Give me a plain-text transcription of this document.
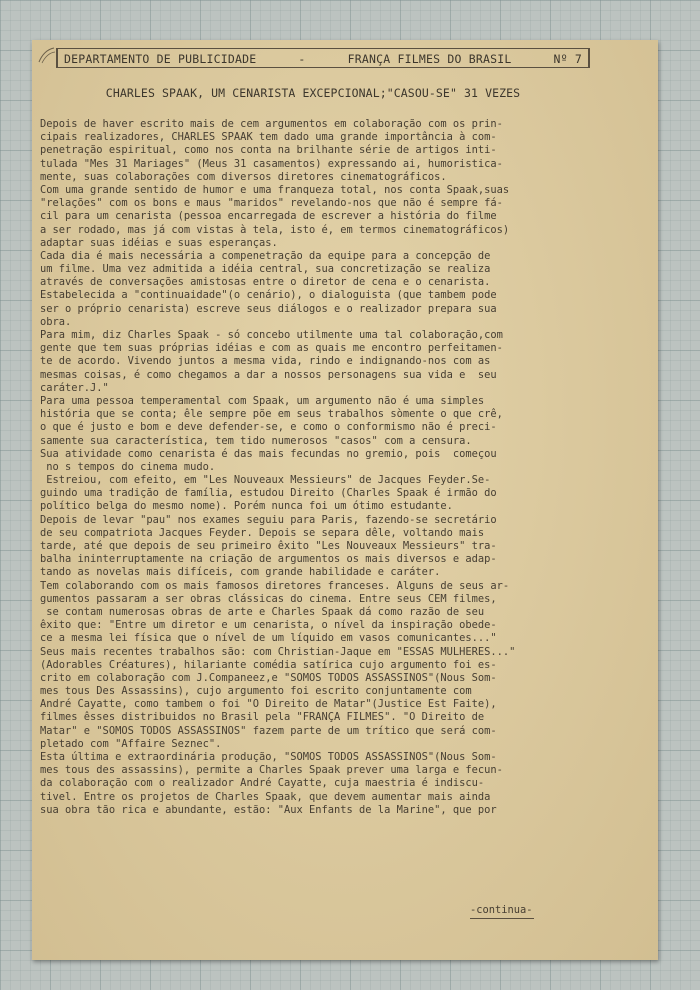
DEPARTAMENTO DE PUBLICIDADE	-	FRANÇA FILMES DO BRASIL	Nº 7
CHARLES SPAAK, UM CENARISTA EXCEPCIONAL;"CASOU-SE" 31 VEZES
Depois de haver escrito mais de cem argumentos em colaboração com os prin-
cipais realizadores, CHARLES SPAAK tem dado uma grande importância à com-
penetração espiritual, como nos conta na brilhante série de artigos inti-
tulada "Mes 31 Mariages" (Meus 31 casamentos) expressando ai, humoristica-
mente, suas colaborações com diversos diretores cinematográficos.
Com uma grande sentido de humor e uma franqueza total, nos conta Spaak,suas
"relações" com os bons e maus "maridos" revelando-nos que não é sempre fá-
cil para um cenarista (pessoa encarregada de escrever a história do filme
a ser rodado, mas já com vistas à tela, isto é, em termos cinematográficos)
adaptar suas idéias e suas esperanças.
Cada dia é mais necessária a compenetração da equipe para a concepção de
um filme. Uma vez admitida a idéia central, sua concretização se realiza
através de conversações amistosas entre o diretor de cena e o cenarista.
Estabelecida a "continuaidade"(o cenário), o dialoguista (que tambem pode
ser o próprio cenarista) escreve seus diálogos e o realizador prepara sua
obra.
Para mim, diz Charles Spaak - só concebo utilmente uma tal colaboração,com
gente que tem suas próprias idéias e com as quais me encontro perfeitamen-
te de acordo. Vivendo juntos a mesma vida, rindo e indignando-nos com as
mesmas coisas, é como chegamos a dar a nossos personagens sua vida e  seu
caráter.J."
Para uma pessoa temperamental com Spaak, um argumento não é uma simples
história que se conta; êle sempre põe em seus trabalhos sòmente o que crê,
o que é justo e bom e deve defender-se, e como o conformismo não é preci-
samente sua característica, tem tido numerosos "casos" com a censura.
Sua atividade como cenarista é das mais fecundas no gremio, pois  começou
no s tempos do cinema mudo.
Estreiou, com efeito, em "Les Nouveaux Messieurs" de Jacques Feyder.Se-
guindo uma tradição de família, estudou Direito (Charles Spaak é irmão do
político belga do mesmo nome). Porém nunca foi um ótimo estudante.
Depois de levar "pau" nos exames seguiu para Paris, fazendo-se secretário
de seu compatriota Jacques Feyder. Depois se separa dêle, voltando mais
tarde, até que depois de seu primeiro êxito "Les Nouveaux Messieurs" tra-
balha ininterruptamente na criação de argumentos os mais diversos e adap-
tando as novelas mais difíceis, com grande habilidade e caráter.
Tem colaborando com os mais famosos diretores franceses. Alguns de seus ar-
gumentos passaram a ser obras clássicas do cinema. Entre seus CEM filmes,
se contam numerosas obras de arte e Charles Spaak dá como razão de seu
êxito que: "Entre um diretor e um cenarista, o nível da inspiração obede-
ce a mesma lei física que o nível de um líquido em vasos comunicantes..."
Seus mais recentes trabalhos são: com Christian-Jaque em "ESSAS MULHERES..."
(Adorables Créatures), hilariante comédia satírica cujo argumento foi es-
crito em colaboração com J.Companeez,e "SOMOS TODOS ASSASSINOS"(Nous Som-
mes tous Des Assassins), cujo argumento foi escrito conjuntamente com
André Cayatte, como tambem o foi "O Direito de Matar"(Justice Est Faite),
filmes êsses distribuidos no Brasil pela "FRANÇA FILMES". "O Direito de
Matar" e "SOMOS TODOS ASSASSINOS" fazem parte de um trítico que será com-
pletado com "Affaire Seznec".
Esta última e extraordinária produção, "SOMOS TODOS ASSASSINOS"(Nous Som-
mes tous des assassins), permite a Charles Spaak prever uma larga e fecun-
da colaboração com o realizador André Cayatte, cuja maestria é indiscu-
tivel. Entre os projetos de Charles Spaak, que devem aumentar mais ainda
sua obra tão rica e abundante, estão: "Aux Enfants de la Marine", que por
-continua-
